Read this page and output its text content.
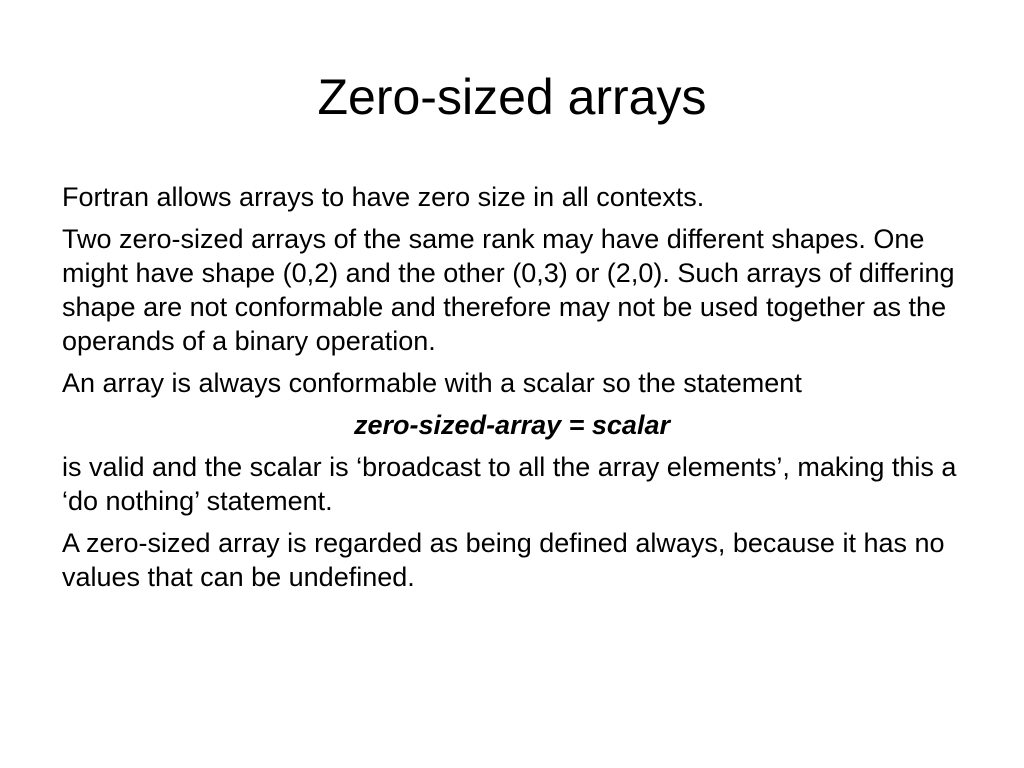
Zero-sized arrays

Fortran allows arrays to have zero size in all contexts.

Two zero-sized arrays of the same rank may have different shapes. One might have shape (0,2) and the other (0,3) or (2,0). Such arrays of differing shape are not conformable and therefore may not be used together as the operands of a binary operation.

An array is always conformable with a scalar so the statement

zero-sized-array = scalar

is valid and the scalar is ‘broadcast to all the array elements’, making this a ‘do nothing’ statement.

A zero-sized array is regarded as being defined always, because it has no values that can be undefined.
